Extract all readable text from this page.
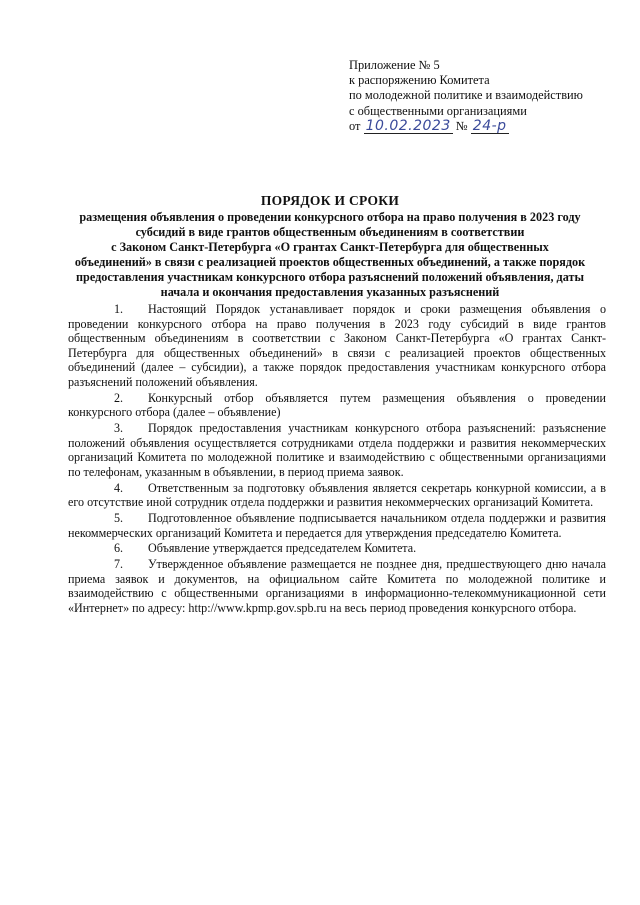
Приложение № 5
к распоряжению Комитета
по молодежной политике и взаимодействию
с общественными организациями
от 10.02.2023 № 24-р
ПОРЯДОК И СРОКИ
размещения объявления о проведении конкурсного отбора на право получения в 2023 году
субсидий в виде грантов общественным объединениям в соответствии
с Законом Санкт-Петербурга «О грантах Санкт-Петербурга для общественных
объединений» в связи с реализацией проектов общественных объединений, а также порядок
предоставления участникам конкурсного отбора разъяснений положений объявления, даты
начала и окончания предоставления указанных разъяснений

1. Настоящий Порядок устанавливает порядок и сроки размещения объявления о проведении конкурсного отбора на право получения в 2023 году субсидий в виде грантов общественным объединениям в соответствии с Законом Санкт-Петербурга «О грантах Санкт-Петербурга для общественных объединений» в связи с реализацией проектов общественных объединений (далее – субсидии), а также порядок предоставления участникам конкурсного отбора разъяснений положений объявления.

2. Конкурсный отбор объявляется путем размещения объявления о проведении конкурсного отбора (далее – объявление)

3. Порядок предоставления участникам конкурсного отбора разъяснений: разъяснение положений объявления осуществляется сотрудниками отдела поддержки и развития некоммерческих организаций Комитета по молодежной политике и взаимодействию с общественными организациями по телефонам, указанным в объявлении, в период приема заявок.

4. Ответственным за подготовку объявления является секретарь конкурной комиссии, а в его отсутствие иной сотрудник отдела поддержки и развития некоммерческих организаций Комитета.

5. Подготовленное объявление подписывается начальником отдела поддержки и развития некоммерческих организаций Комитета и передается для утверждения председателю Комитета.

6. Объявление утверждается председателем Комитета.

7. Утвержденное объявление размещается не позднее дня, предшествующего дню начала приема заявок и документов, на официальном сайте Комитета по молодежной политике и взаимодействию с общественными организациями в информационно-телекоммуникационной сети «Интернет» по адресу: http://www.kpmp.gov.spb.ru на весь период проведения конкурсного отбора.
